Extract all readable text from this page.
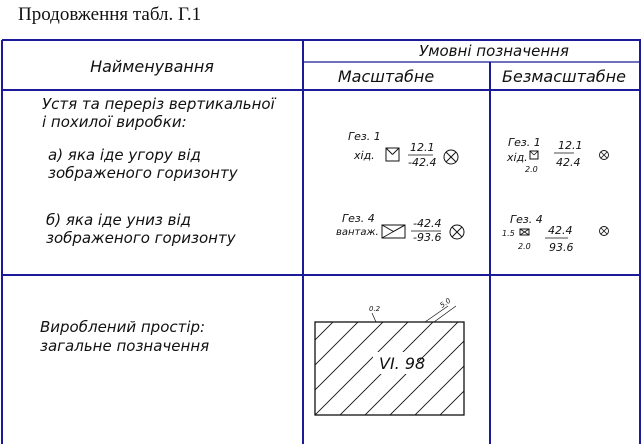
Продовження табл. Г.1
Найменування
Умовні позначення
Масштабне	Безмасштабне
Устя та переріз вертикальної
і похилої виробки:
а) яка іде угору від
зображеного горизонту
б) яка іде униз від
зображеного горизонту
Гез. 1
хід.
12.1
-42.4
Гез. 1
хід.
2.0
12.1
42.4
Гез. 4
вантаж.
-42.4
-93.6
Гез. 4
1.5
2.0
42.4
93.6
Вироблений простір:
загальне позначення
VI. 98
0.2	5.0
